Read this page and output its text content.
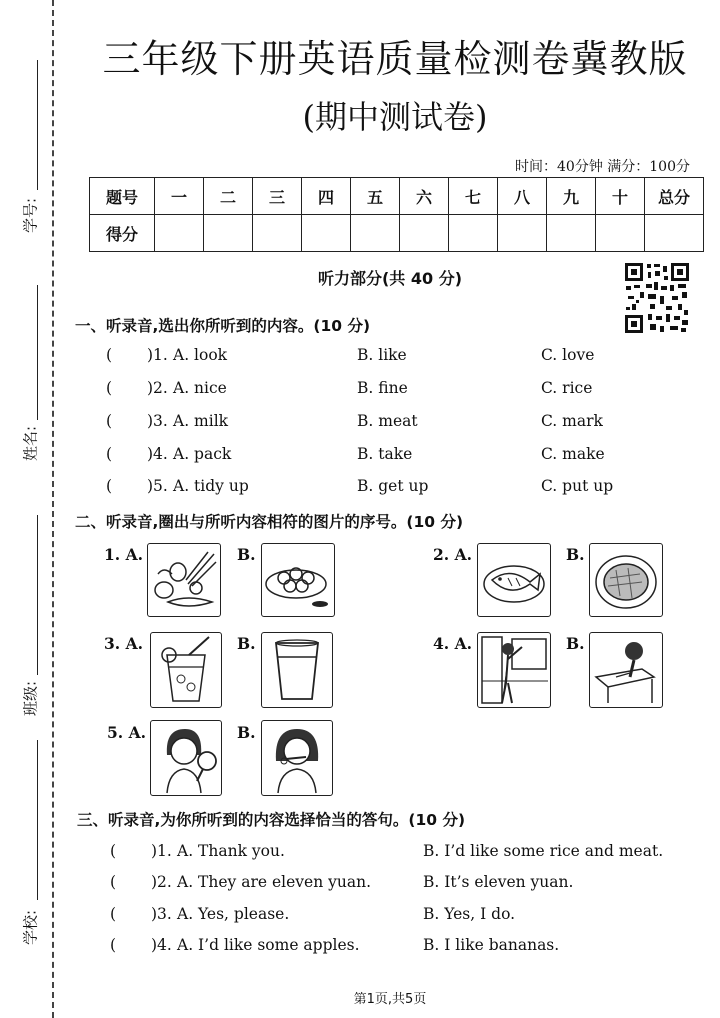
学号:
姓名:
班级:
学校:
三年级下册英语质量检测卷冀教版
(期中测试卷)
时间：40分钟 满分：100分
题号	一	二	三	四	五	六	七	八	九	十	总分
得分											
听力部分(共 40 分)
一、听录音,选出你所听到的内容。(10 分)
( )1. A. look	B. like	C. love
( )2. A. nice	B. fine	C. rice
( )3. A. milk	B. meat	C. mark
( )4. A. pack	B. take	C. make
( )5. A. tidy up	B. get up	C. put up
二、听录音,圈出与所听内容相符的图片的序号。(10 分)
1. A.	B.	2. A.	B.
3. A.	B.	4. A.	B.
5. A.	B.
三、听录音,为你所听到的内容选择恰当的答句。(10 分)
( )1. A. Thank you.	B. I’d like some rice and meat.
( )2. A. They are eleven yuan.	B. It’s eleven yuan.
( )3. A. Yes, please.	B. Yes, I do.
( )4. A. I’d like some apples.	B. I like bananas.
第1页,共5页
